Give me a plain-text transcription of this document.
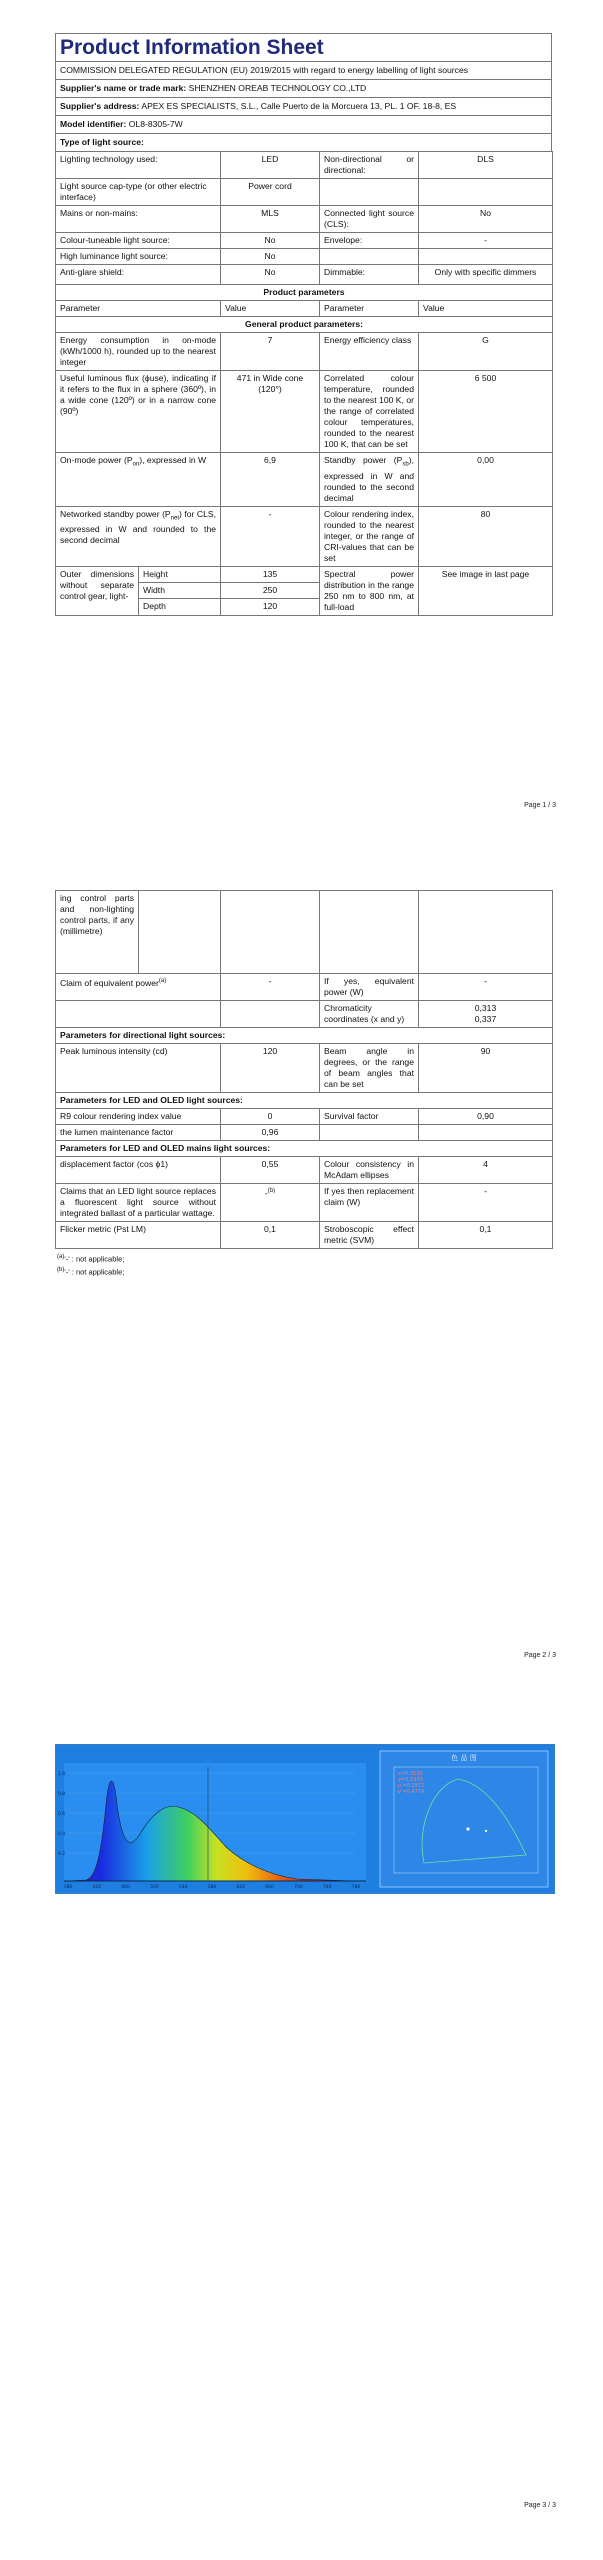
Product Information Sheet
COMMISSION DELEGATED REGULATION (EU) 2019/2015 with regard to energy labelling of light sources
Supplier's name or trade mark: SHENZHEN OREAB TECHNOLOGY CO.,LTD
Supplier's address: APEX ES SPECIALISTS, S.L., Calle Puerto de la Morcuera 13, PL. 1 OF. 18-8, ES
Model identifier: OL8-8305-7W
Type of light source:
Lighting technology used:		LED	Non-directional or directional:	DLS
Light source cap-type (or other electric interface)		Power cord		
Mains or non-mains:		MLS	Connected light source (CLS):	No
Colour-tuneable light source:		No	Envelope:	-
High luminance light source:		No		
Anti-glare shield:		No	Dimmable:	Only with specific dimmers
Product parameters				
Parameter		Value	Parameter	Value
General product parameters:				
Energy consumption in on-mode (kWh/1000 h), rounded up to the nearest integer		7	Energy efficiency class	G
Useful luminous flux (ϕuse), indicating if it refers to the flux in a sphere (360º), in a wide cone (120º) or in a narrow cone (90º)		471 in Wide cone (120°)	Correlated colour temperature, rounded to the nearest 100 K, or the range of correlated colour temperatures, rounded to the nearest 100 K, that can be set	6 500
On-mode power $(P_{on})$, expressed in W		6,9	Standby power $(P_{sb})$, expressed in W and rounded to the second decimal	0,00
Networked standby power $(P_{net})$ for CLS, expressed in W and rounded to the second decimal		-	Colour rendering index, rounded to the nearest integer, or the range of CRI-values that can be set	80
Outer dimensions without separate control gear, light-	Height	135	Spectral power distribution in the range 250 nm to 800 nm, at full-load	See image in last page
	Width	250		
	Depth	120		
Page 1 / 3
ing control parts and non-lighting control parts, if any (millimetre)				
Claim of equivalent power$^{(a)}$		-	If yes, equivalent power (W)	-
			Chromaticity coordinates (x and y)	0,313
0,337

Parameters for directional light sources:				
Peak luminous intensity (cd)		120	Beam angle in degrees, or the range of beam angles that can be set	90
Parameters for LED and OLED light sources:				
R9 colour rendering index value		0	Survival factor	0,90
the lumen maintenance factor		0,96		
Parameters for LED and OLED mains light sources:				
displacement factor (cos ϕ1)		0,55	Colour consistency in McAdam ellipses	4
Claims that an LED light source replaces a fluorescent light source without integrated ballast of a particular wattage.		-$^{(b)}$	If yes then replacement claim (W)	-
Flicker metric (Pst LM)		0,1	Stroboscopic effect metric (SVM)	0,1
$^{(a)}$'-' : not applicable;
$^{(b)}$'-' : not applicable;
Page 2 / 3
Page 3 / 3
1.0
0.8
0.6
0.4
0.2
380	420	460	500	540	580	620	660	700	740	780
色 品 图
x=0.3130
y=0.3370
u'=0.1972
v'=0.4779
